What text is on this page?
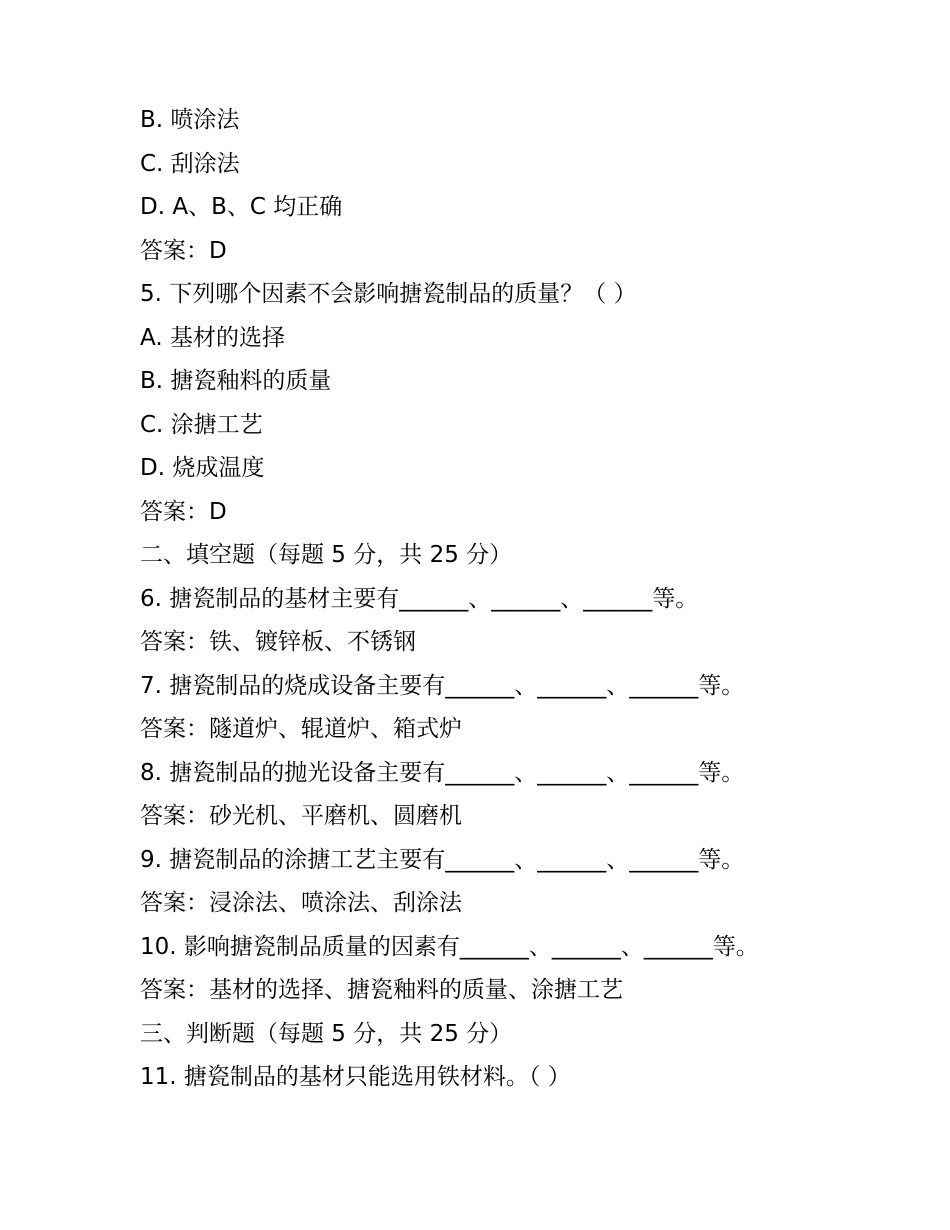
B. 喷涂法
C. 刮涂法
D. A、B、C 均正确
答案：D
5. 下列哪个因素不会影响搪瓷制品的质量？（ ）
A. 基材的选择
B. 搪瓷釉料的质量
C. 涂搪工艺
D. 烧成温度
答案：D
二、填空题（每题 5 分，共 25 分）
6. 搪瓷制品的基材主要有______、______、______等。
答案：铁、镀锌板、不锈钢
7. 搪瓷制品的烧成设备主要有______、______、______等。
答案：隧道炉、辊道炉、箱式炉
8. 搪瓷制品的抛光设备主要有______、______、______等。
答案：砂光机、平磨机、圆磨机
9. 搪瓷制品的涂搪工艺主要有______、______、______等。
答案：浸涂法、喷涂法、刮涂法
10. 影响搪瓷制品质量的因素有______、______、______等。
答案：基材的选择、搪瓷釉料的质量、涂搪工艺
三、判断题（每题 5 分，共 25 分）
11. 搪瓷制品的基材只能选用铁材料。（ ）
